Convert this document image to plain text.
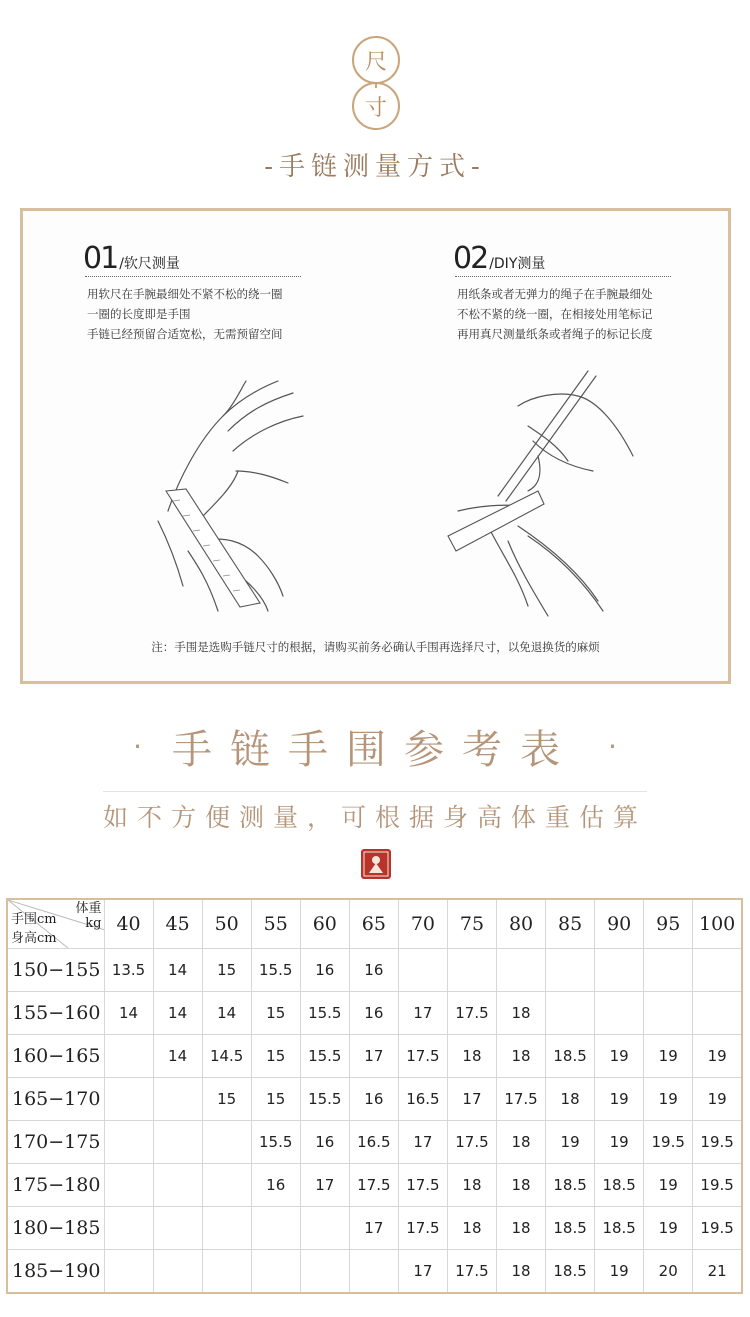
尺
寸
-手链测量方式-
01 /软尺测量
用软尺在手腕最细处不紧不松的绕一圈
一圈的长度即是手围
手链已经预留合适宽松，无需预留空间
02 /DIY测量
用纸条或者无弹力的绳子在手腕最细处
不松不紧的绕一圈，在相接处用笔标记
再用真尺测量纸条或者绳子的标记长度
注：手围是选购手链尺寸的根据，请购买前务必确认手围再选择尺寸，以免退换货的麻烦
· 手链手围参考表 ·
如不方便测量，可根据身高体重估算
体重
kg
手围cm
身高cm	40	45	50	55	60	65	70	75	80	85	90	95	100
150−155	13.5	14	15	15.5	16	16							
155−160	14	14	14	15	15.5	16	17	17.5	18				
160−165		14	14.5	15	15.5	17	17.5	18	18	18.5	19	19	19
165−170			15	15	15.5	16	16.5	17	17.5	18	19	19	19
170−175				15.5	16	16.5	17	17.5	18	19	19	19.5	19.5
175−180				16	17	17.5	17.5	18	18	18.5	18.5	19	19.5
180−185						17	17.5	18	18	18.5	18.5	19	19.5
185−190							17	17.5	18	18.5	19	20	21
